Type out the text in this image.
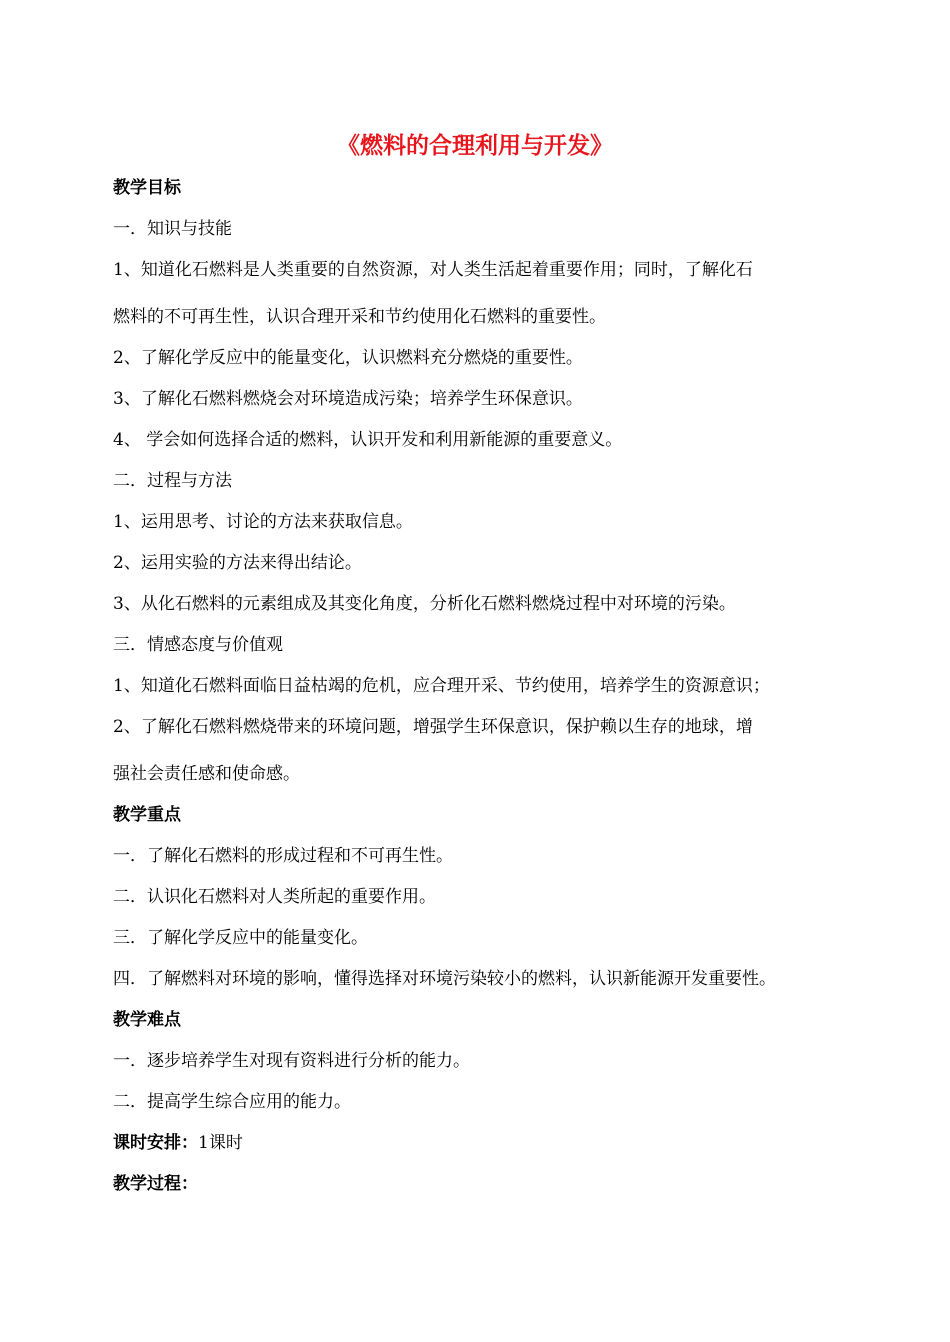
《燃料的合理利用与开发》
教学目标
一．知识与技能
1、知道化石燃料是人类重要的自然资源，对人类生活起着重要作用；同时，了解化石
燃料的不可再生性，认识合理开采和节约使用化石燃料的重要性。
2、了解化学反应中的能量变化，认识燃料充分燃烧的重要性。
3、了解化石燃料燃烧会对环境造成污染；培养学生环保意识。
4、 学会如何选择合适的燃料，认识开发和利用新能源的重要意义。
二．过程与方法
1、运用思考、讨论的方法来获取信息。
2、运用实验的方法来得出结论。
3、从化石燃料的元素组成及其变化角度，分析化石燃料燃烧过程中对环境的污染。
三．情感态度与价值观
1、知道化石燃料面临日益枯竭的危机，应合理开采、节约使用，培养学生的资源意识；
2、了解化石燃料燃烧带来的环境问题，增强学生环保意识，保护赖以生存的地球，增
强社会责任感和使命感。
教学重点
一．了解化石燃料的形成过程和不可再生性。
二．认识化石燃料对人类所起的重要作用。
三．了解化学反应中的能量变化。
四．了解燃料对环境的影响，懂得选择对环境污染较小的燃料，认识新能源开发重要性。
教学难点
一．逐步培养学生对现有资料进行分析的能力。
二．提高学生综合应用的能力。
课时安排：1课时
教学过程：
